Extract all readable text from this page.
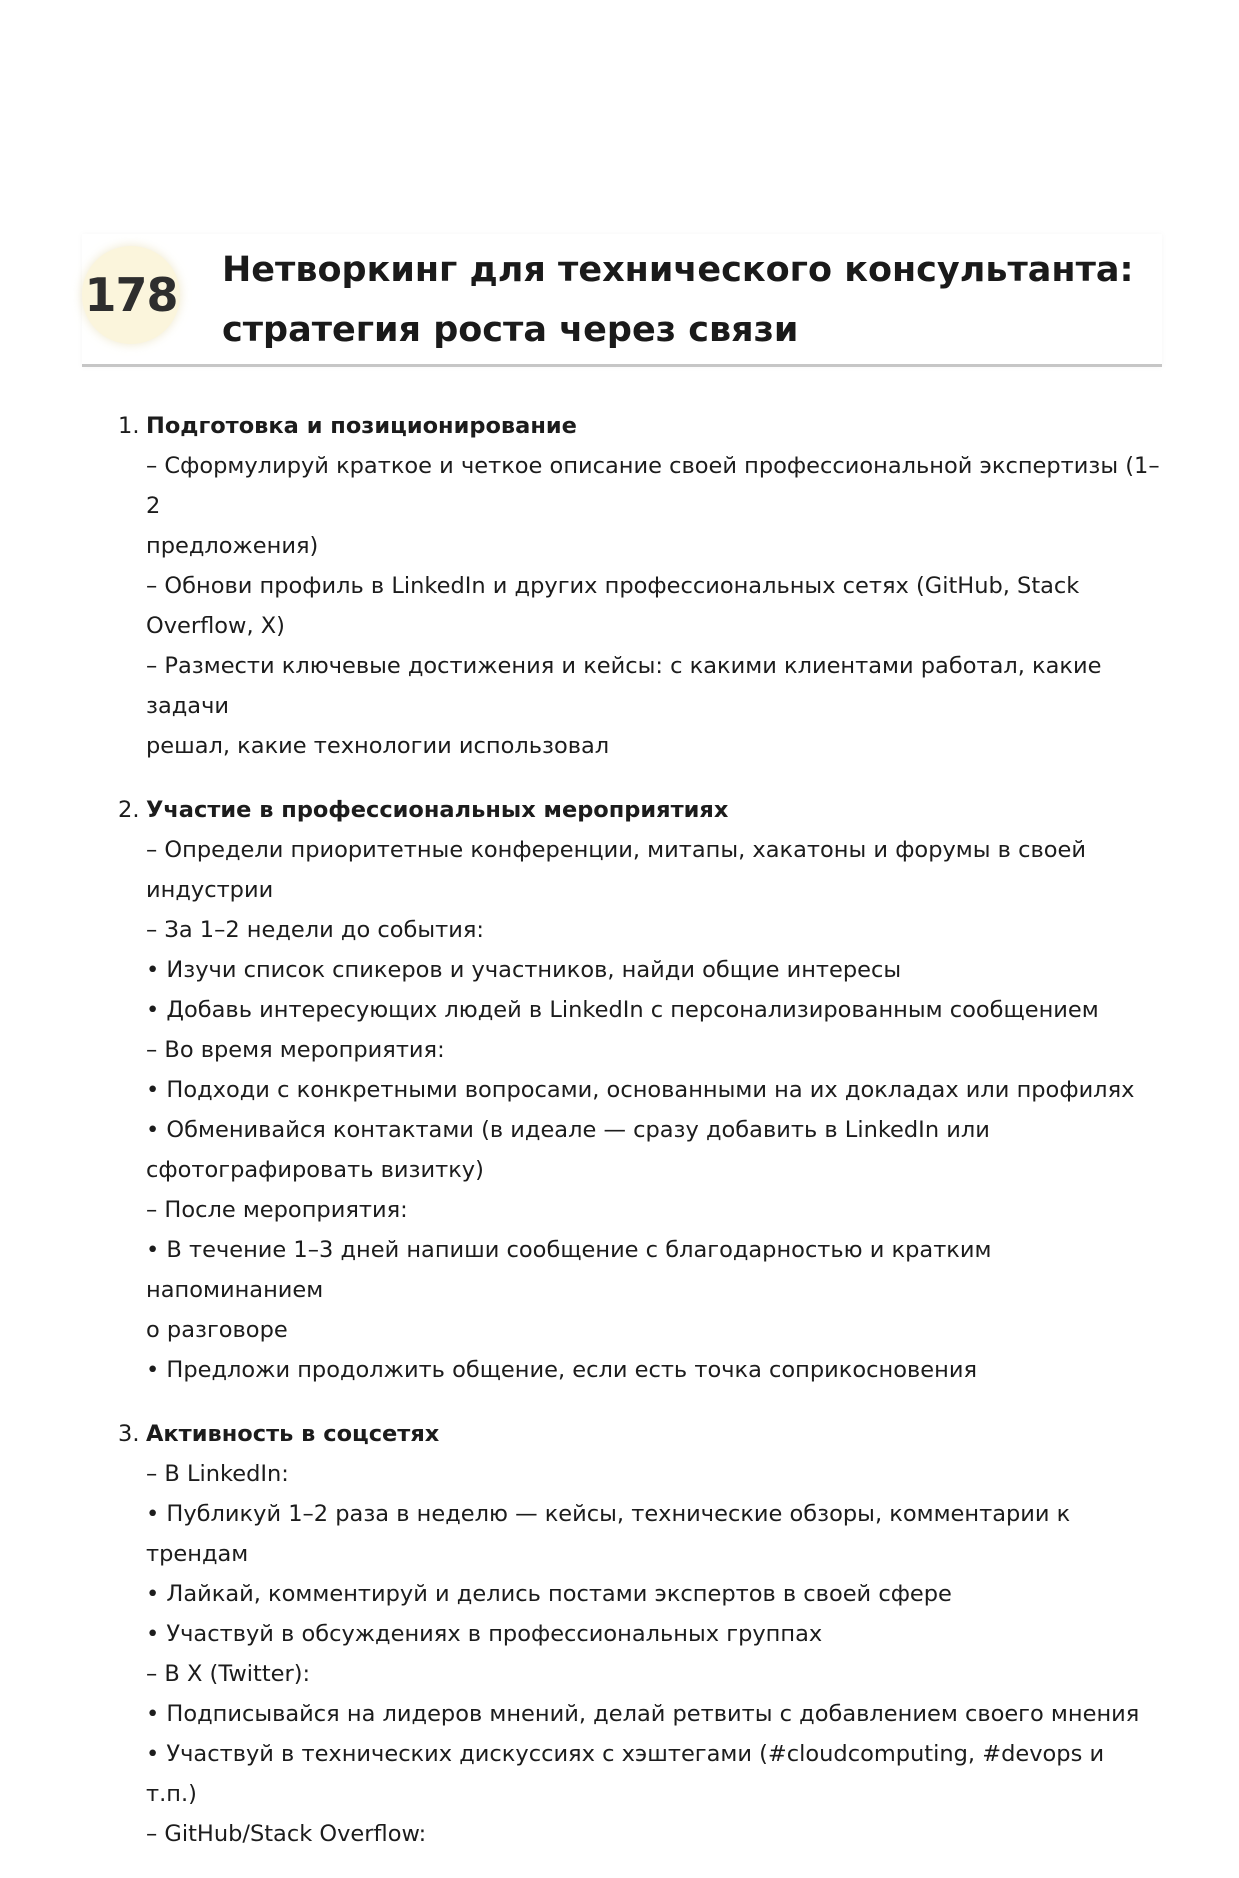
178 Нетворкинг для технического консультанта:
стратегия роста через связи
1. Подготовка и позиционирование
– Сформулируй краткое и четкое описание своей профессиональной экспертизы (1–2
предложения)
– Обнови профиль в LinkedIn и других профессиональных сетях (GitHub, Stack
Overflow, X)
– Размести ключевые достижения и кейсы: с какими клиентами работал, какие задачи
решал, какие технологии использовал
2. Участие в профессиональных мероприятиях
– Определи приоритетные конференции, митапы, хакатоны и форумы в своей
индустрии
– За 1–2 недели до события:
• Изучи список спикеров и участников, найди общие интересы
• Добавь интересующих людей в LinkedIn с персонализированным сообщением
– Во время мероприятия:
• Подходи с конкретными вопросами, основанными на их докладах или профилях
• Обменивайся контактами (в идеале — сразу добавить в LinkedIn или
сфотографировать визитку)
– После мероприятия:
• В течение 1–3 дней напиши сообщение с благодарностью и кратким напоминанием
о разговоре
• Предложи продолжить общение, если есть точка соприкосновения
3. Активность в соцсетях
– В LinkedIn:
• Публикуй 1–2 раза в неделю — кейсы, технические обзоры, комментарии к трендам
• Лайкай, комментируй и делись постами экспертов в своей сфере
• Участвуй в обсуждениях в профессиональных группах
– В X (Twitter):
• Подписывайся на лидеров мнений, делай ретвиты с добавлением своего мнения
• Участвуй в технических дискуссиях с хэштегами (#cloudcomputing, #devops и т.п.)
– GitHub/Stack Overflow:
